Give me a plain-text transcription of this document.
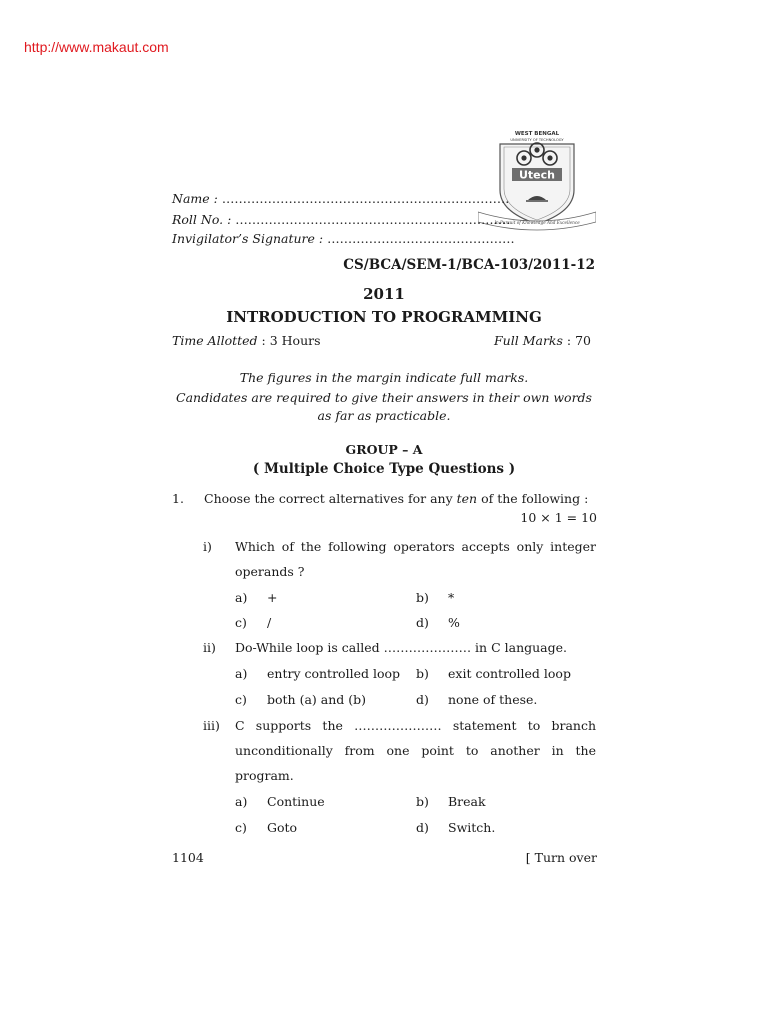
http://www.makaut.com
WEST BENGAL
UNIVERSITY OF TECHNOLOGY
Utech
In Pursuit of Knowledge And Excellence
Name : ……………………………………………………………
Roll No. : …………………………………………………………
Invigilator’s Signature : ………………………………………
CS/BCA/SEM-1/BCA-103/2011-12
2011
INTRODUCTION TO PROGRAMMING
Time Allotted : 3 Hours	Full Marks : 70
The figures in the margin indicate full marks.
Candidates are required to give their answers in their own words
as far as practicable.
GROUP – A
( Multiple Choice Type Questions )
1. Choose the correct alternatives for any ten of the following :
10 × 1 = 10
i) Which of the following operators accepts only integer
operands ?
a) +	b) *
c) /	d) %
ii) Do-While loop is called ………………… in C language.
a) entry controlled loop b) exit controlled loop
c) both (a) and (b)	d) none of these.
iii) C supports the ………………… statement to branch
unconditionally from one point to another in the
program.
a) Continue	b) Break
c) Goto	d) Switch.
1104	[ Turn over
